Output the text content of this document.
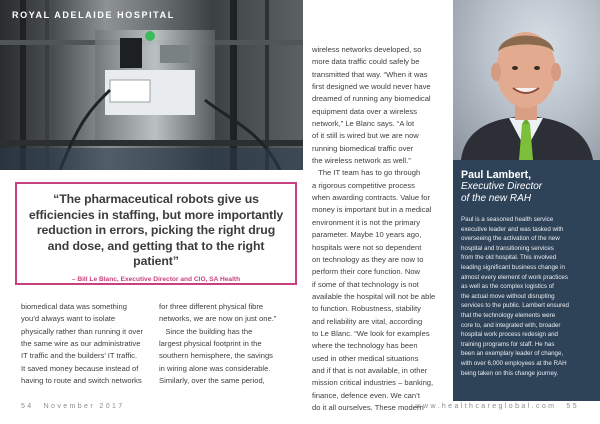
ROYAL ADELAIDE HOSPITAL
“The pharmaceutical robots give us efficiencies in staffing, but more importantly reduction in errors, picking the right drug and dose, and getting that to the right patient”
– Bill Le Blanc, Executive Director and CIO, SA Health

biomedical data was something

you’d always want to isolate

physically rather than running it over

the same wire as our administrative

IT traffic and the builders’ IT traffic.

It saved money because instead of

having to route and switch networks

for three different physical fibre

networks, we are now on just one.”

Since the building has the

largest physical footprint in the

southern hemisphere, the savings

in wiring alone was considerable.

Similarly, over the same period,

wireless networks developed, so

more data traffic could safely be

transmitted that way. “When it was

first designed we would never have

dreamed of running any biomedical

equipment data over a wireless

network,” Le Blanc says. “A lot

of it still is wired but we are now

running biomedical traffic over

the wireless network as well.”

The IT team has to go through

a rigorous competitive process

when awarding contracts. Value for

money is important but in a medical

environment it is not the primary

parameter. Maybe 10 years ago,

hospitals were not so dependent

on technology as they are now to

perform their core function. Now

if some of that technology is not

available the hospital will not be able

to function. Robustness, stability

and reliability are vital, according

to Le Blanc. “We look for examples

where the technology has been

used in other medical situations

and if that is not available, in other

mission critical industries – banking,

finance, defence even. We can’t

do it all ourselves. These modern

Paul Lambert,
Executive Director
of the new RAH

Paul is a seasoned health service

executive leader and was tasked with

overseeing the activation of the new

hospital and transitioning services

from the old hospital. This involved

leading significant business change in

almost every element of work practices

as well as the complex logistics of

the actual move without disrupting

services to the public. Lambert ensured

that the technology elements were

core to, and integrated with, broader

hospital work process redesign and

training programs for staff. He has

been an exemplary leader of change,

with over 6,000 employees at the RAH

being taken on this change journey.

54 November 2017	www.healthcareglobal.com 55
